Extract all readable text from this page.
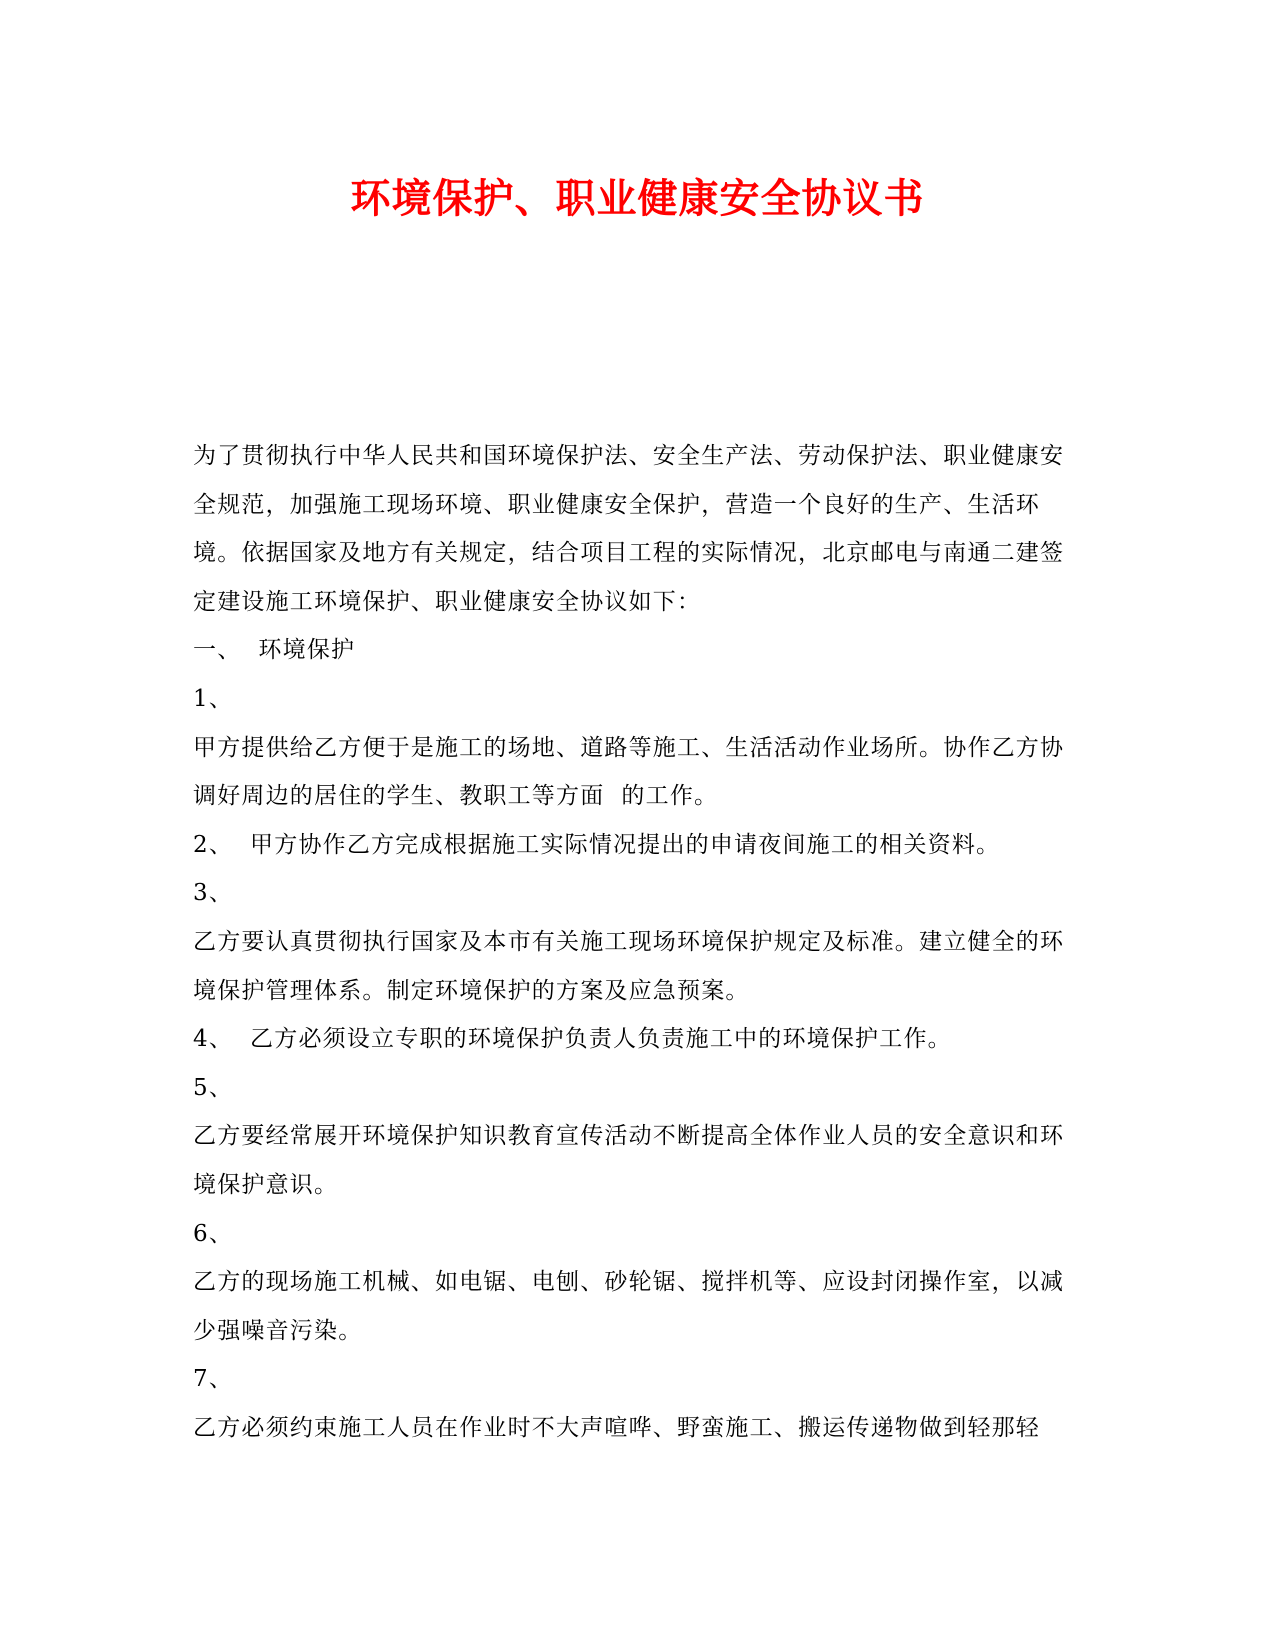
环境保护、职业健康安全协议书

为了贯彻执行中华人民共和国环境保护法、安全生产法、劳动保护法、职业健康安全规范，加强施工现场环境、职业健康安全保护，营造一个良好的生产、生活环境。依据国家及地方有关规定，结合项目工程的实际情况，北京邮电与南通二建签定建设施工环境保护、职业健康安全协议如下：

一、  环境保护

1、

甲方提供给乙方便于是施工的场地、道路等施工、生活活动作业场所。协作乙方协调好周边的居住的学生、教职工等方面  的工作。

2、  甲方协作乙方完成根据施工实际情况提出的申请夜间施工的相关资料。

3、

乙方要认真贯彻执行国家及本市有关施工现场环境保护规定及标准。建立健全的环境保护管理体系。制定环境保护的方案及应急预案。

4、  乙方必须设立专职的环境保护负责人负责施工中的环境保护工作。

5、

乙方要经常展开环境保护知识教育宣传活动不断提高全体作业人员的安全意识和环境保护意识。

6、

乙方的现场施工机械、如电锯、电刨、砂轮锯、搅拌机等、应设封闭操作室，以减少强噪音污染。

7、

乙方必须约束施工人员在作业时不大声喧哗、野蛮施工、搬运传递物做到轻那轻
